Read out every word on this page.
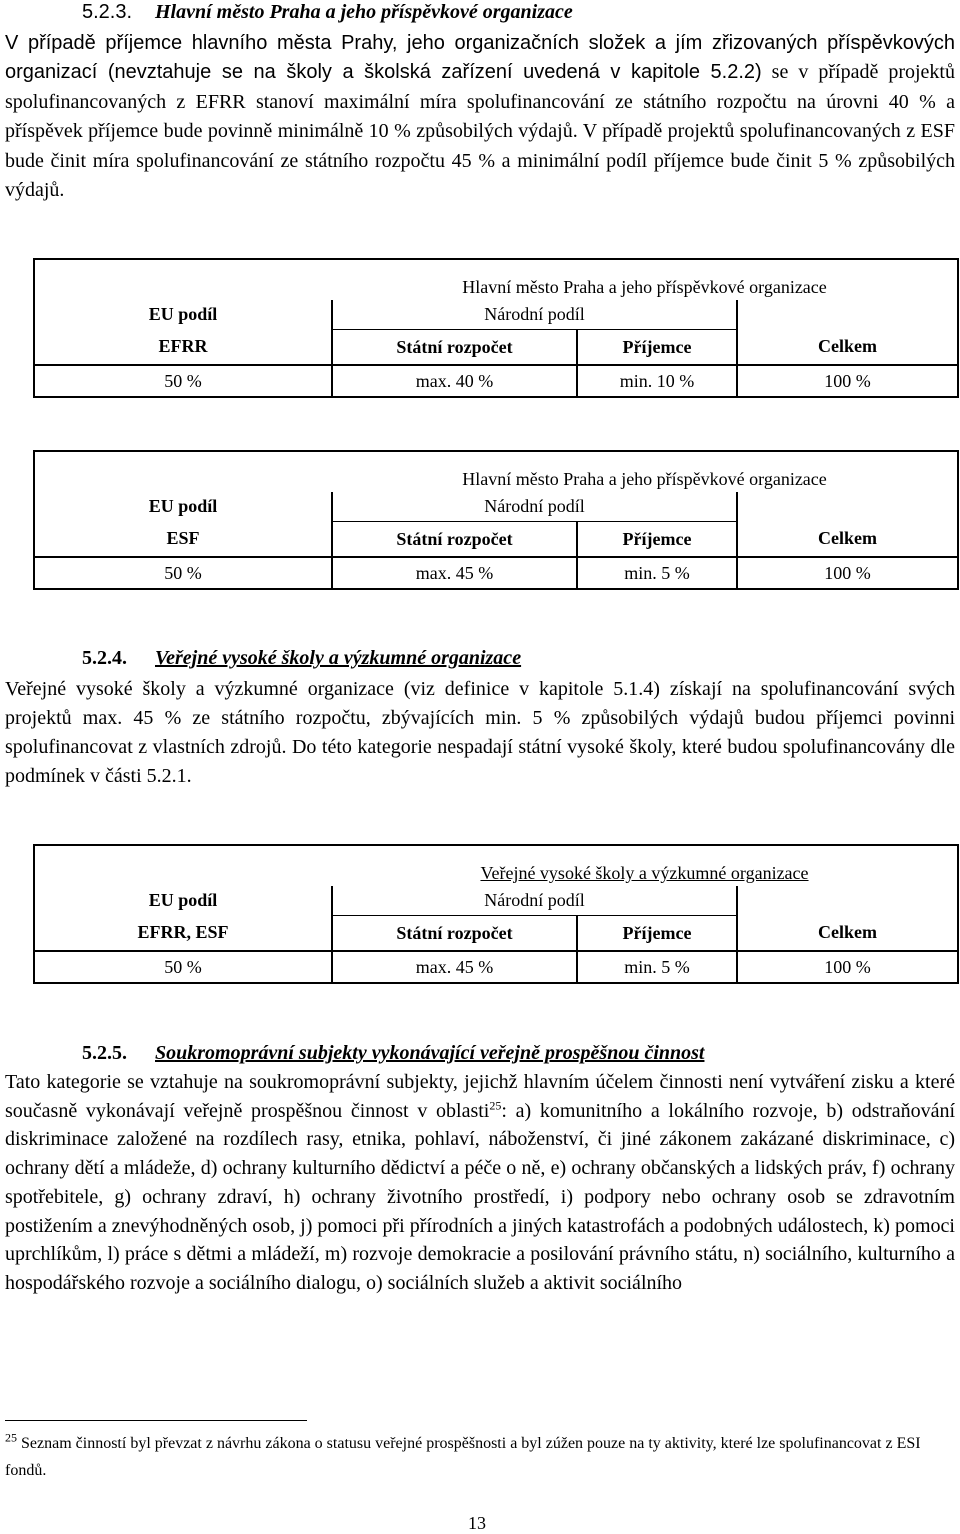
5.2.3. Hlavní město Praha a jeho příspěvkové organizace

V případě příjemce hlavního města Prahy, jeho organizačních složek a jím zřizovaných příspěvkových organizací (nevztahuje se na školy a školská zařízení uvedená v kapitole 5.2.2) se v případě projektů spolufinancovaných z EFRR stanoví maximální míra spolufinancování ze státního rozpočtu na úrovni 40 % a příspěvek příjemce bude povinně minimálně 10 % způsobilých výdajů. V případě projektů spolufinancovaných z ESF bude činit míra spolufinancování ze státního rozpočtu 45 % a minimální podíl příjemce bude činit 5 % způsobilých výdajů.

	Hlavní město Praha a jeho příspěvkové organizace		
EU podíl	Národní podíl		
EFRR	Státní rozpočet	Příjemce	Celkem
50 %	max. 40 %	min. 10 %	100 %
	Hlavní město Praha a jeho příspěvkové organizace		
EU podíl	Národní podíl		
ESF	Státní rozpočet	Příjemce	Celkem
50 %	max. 45 %	min. 5 %	100 %
5.2.4. Veřejné vysoké školy a výzkumné organizace

Veřejné vysoké školy a výzkumné organizace (viz definice v kapitole 5.1.4) získají na spolufinancování svých projektů max. 45 % ze státního rozpočtu, zbývajících min. 5 % způsobilých výdajů budou příjemci povinni spolufinancovat z vlastních zdrojů. Do této kategorie nespadají státní vysoké školy, které budou spolufinancovány dle podmínek v části 5.2.1.

	Veřejné vysoké školy a výzkumné organizace		
EU podíl	Národní podíl		
EFRR, ESF	Státní rozpočet	Příjemce	Celkem
50 %	max. 45 %	min. 5 %	100 %
5.2.5. Soukromoprávní subjekty vykonávající veřejně prospěšnou činnost

Tato kategorie se vztahuje na soukromoprávní subjekty, jejichž hlavním účelem činnosti není vytváření zisku a které současně vykonávají veřejně prospěšnou činnost v oblasti$^{25}$: a) komunitního a lokálního rozvoje, b) odstraňování diskriminace založené na rozdílech rasy, etnika, pohlaví, náboženství, či jiné zákonem zakázané diskriminace, c) ochrany dětí a mládeže, d) ochrany kulturního dědictví a péče o ně, e) ochrany občanských a lidských práv, f) ochrany spotřebitele, g) ochrany zdraví, h) ochrany životního prostředí, i) podpory nebo ochrany osob se zdravotním postižením a znevýhodněných osob, j) pomoci při přírodních a jiných katastrofách a podobných událostech, k) pomoci uprchlíkům, l) práce s dětmi a mládeží, m) rozvoje demokracie a posilování právního státu, n) sociálního, kulturního a hospodářského rozvoje a sociálního dialogu, o) sociálních služeb a aktivit sociálního

$^{25}$ Seznam činností byl převzat z návrhu zákona o statusu veřejné prospěšnosti a byl zúžen pouze na ty aktivity, které lze spolufinancovat z ESI fondů.
13
